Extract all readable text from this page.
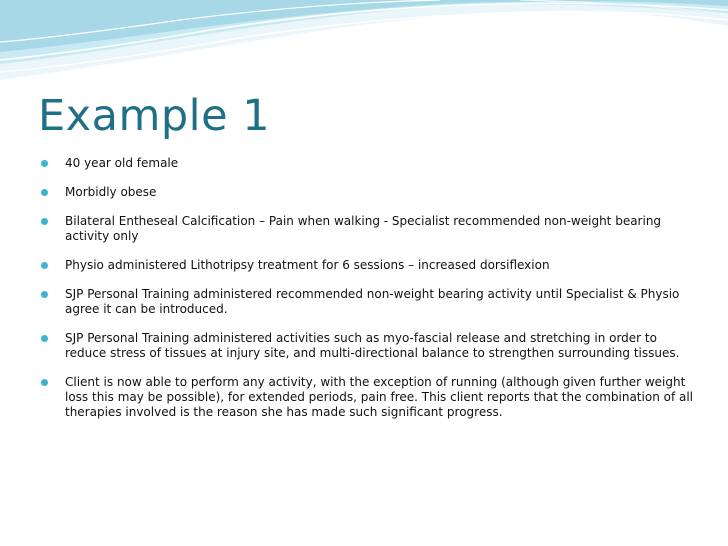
Example 1
40 year old female
Morbidly obese
Bilateral Entheseal Calcification – Pain when walking - Specialist recommended non-weight bearing activity only
Physio administered Lithotripsy treatment for 6 sessions – increased dorsiflexion
SJP Personal Training administered recommended non-weight bearing activity until Specialist & Physio agree it can be introduced.
SJP Personal Training administered activities such as myo-fascial release and stretching in order to reduce stress of tissues at injury site, and multi-directional balance to strengthen surrounding tissues.
Client is now able to perform any activity, with the exception of running (although given further weight loss this may be possible), for extended periods, pain free. This client reports that the combination of all therapies involved is the reason she has made such significant progress.
